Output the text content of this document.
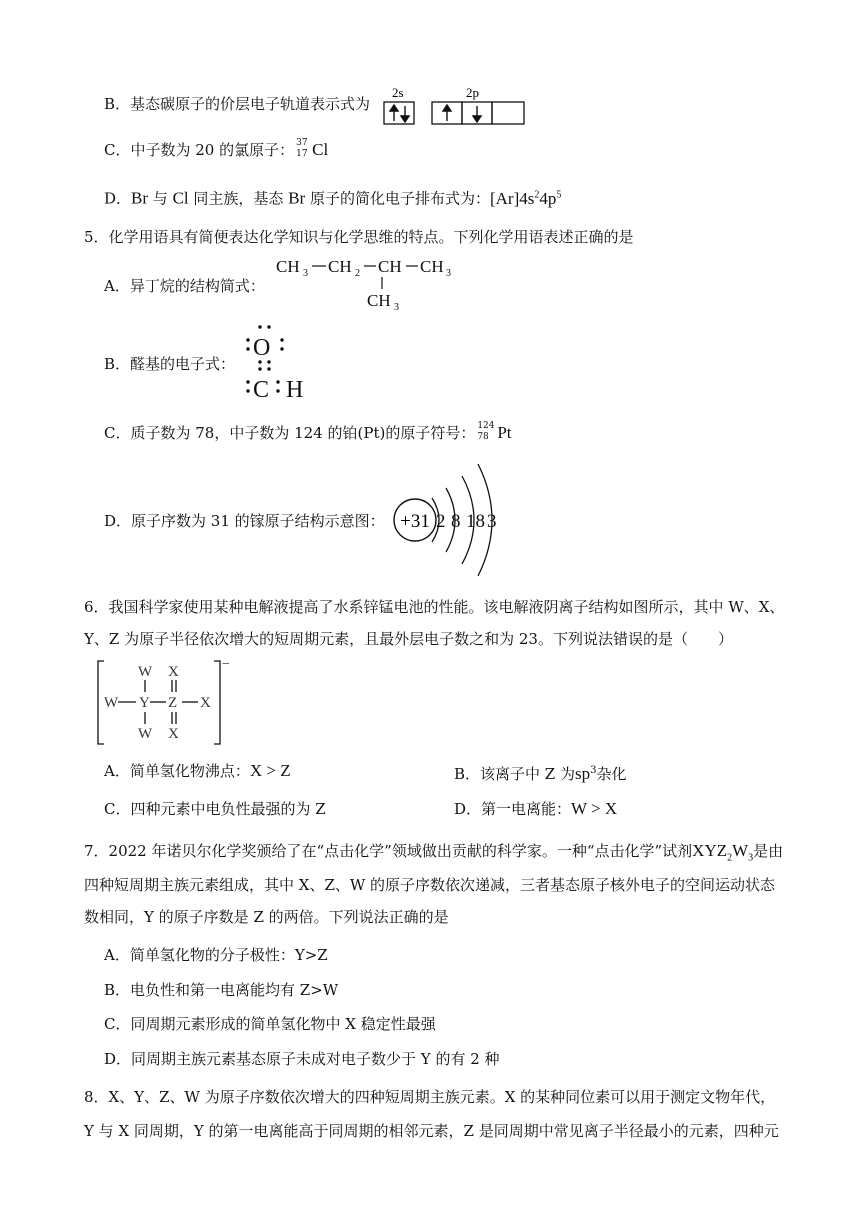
B．基态碳原子的价层电子轨道表示式为
2s	2p
C．中子数为 20 的氯原子： 37
17 Cl
D．Br 与 Cl 同主族，基态 Br 原子的简化电子排布式为：$[Ar]4s^24p^5$
5．化学用语具有简便表达化学知识与化学思维的特点。下列化学用语表述正确的是
A．异丁烷的结构简式：
CH 3 CH 2 CH CH 3
CH 3
B．醛基的电子式：
O
C H
C．质子数为 78，中子数为 124 的铂(Pt)的原子符号： 124
78 Pt
D．原子序数为 31 的镓原子结构示意图： +31 2 8 18 3
6．我国科学家使用某种电解液提高了水系锌锰电池的性能。该电解液阴离子结构如图所示，其中 W、X、
Y、Z 为原子半径依次增大的短周期元素，且最外层电子数之和为 23。下列说法错误的是（　　）
W X
W Y Z X
W X
−
A．简单氢化物沸点：X > Z	B．该离子中 Z 为$sp^3$杂化
C．四种元素中电负性最强的为 Z	D．第一电离能：W > X
7．2022 年诺贝尔化学奖颁给了在“点击化学”领域做出贡献的科学家。一种“点击化学”试剂$XYZ_2W_3$是由
四种短周期主族元素组成，其中 X、Z、W 的原子序数依次递减，三者基态原子核外电子的空间运动状态
数相同，Y 的原子序数是 Z 的两倍。下列说法正确的是
A．简单氢化物的分子极性：Y>Z
B．电负性和第一电离能均有 Z>W
C．同周期元素形成的简单氢化物中 X 稳定性最强
D．同周期主族元素基态原子未成对电子数少于 Y 的有 2 种
8．X、Y、Z、W 为原子序数依次增大的四种短周期主族元素。X 的某种同位素可以用于测定文物年代，
Y 与 X 同周期，Y 的第一电离能高于同周期的相邻元素，Z 是同周期中常见离子半径最小的元素，四种元
